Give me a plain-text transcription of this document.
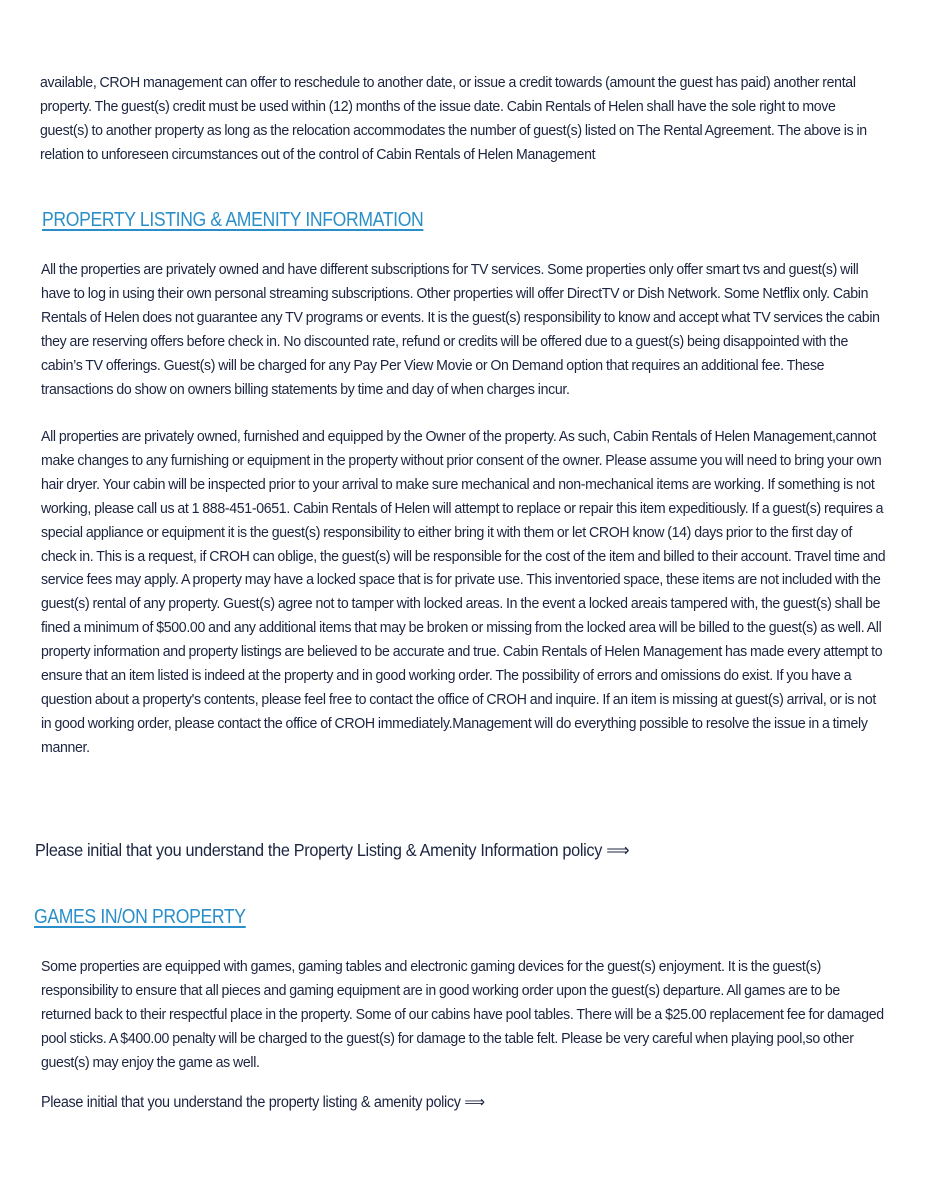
available, CROH management can offer to reschedule to another date, or issue a credit towards (amount the guest has paid) another rental property. The guest(s) credit must be used within (12) months of the issue date. Cabin Rentals of Helen shall have the sole right to move guest(s) to another property as long as the relocation accommodates the number of guest(s) listed on The Rental Agreement. The above is in relation to unforeseen circumstances out of the control of Cabin Rentals of Helen Management

PROPERTY LISTING & AMENITY INFORMATION

All the properties are privately owned and have different subscriptions for TV services. Some properties only offer smart tvs and guest(s) will have to log in using their own personal streaming subscriptions. Other properties will offer DirectTV or Dish Network. Some Netflix only. Cabin Rentals of Helen does not guarantee any TV programs or events. It is the guest(s) responsibility to know and accept what TV services the cabin they are reserving offers before check in. No discounted rate, refund or credits will be offered due to a guest(s) being disappointed with the cabin’s TV offerings. Guest(s) will be charged for any Pay Per View Movie or On Demand option that requires an additional fee. These transactions do show on owners billing statements by time and day of when charges incur.

All properties are privately owned, furnished and equipped by the Owner of the property. As such, Cabin Rentals of Helen Management,cannot make changes to any furnishing or equipment in the property without prior consent of the owner. Please assume you will need to bring your own hair dryer. Your cabin will be inspected prior to your arrival to make sure mechanical and non-mechanical items are working. If something is not working, please call us at 1 888-451-0651. Cabin Rentals of Helen will attempt to replace or repair this item expeditiously. If a guest(s) requires a special appliance or equipment it is the guest(s) responsibility to either bring it with them or let CROH know (14) days prior to the first day of check in. This is a request, if CROH can oblige, the guest(s) will be responsible for the cost of the item and billed to their account. Travel time and service fees may apply. A property may have a locked space that is for private use. This inventoried space, these items are not included with the guest(s) rental of any property. Guest(s) agree not to tamper with locked areas. In the event a locked areais tampered with, the guest(s) shall be fined a minimum of $500.00 and any additional items that may be broken or missing from the locked area will be billed to the guest(s) as well. All property information and property listings are believed to be accurate and true. Cabin Rentals of Helen Management has made every attempt to ensure that an item listed is indeed at the property and in good working order. The possibility of errors and omissions do exist. If you have a question about a property's contents, please feel free to contact the office of CROH and inquire. If an item is missing at guest(s) arrival, or is not in good working order, please contact the office of CROH immediately.Management will do everything possible to resolve the issue in a timely manner.

Please initial that you understand the Property Listing & Amenity Information policy ⟹

GAMES IN/ON PROPERTY

Some properties are equipped with games, gaming tables and electronic gaming devices for the guest(s) enjoyment. It is the guest(s) responsibility to ensure that all pieces and gaming equipment are in good working order upon the guest(s) departure. All games are to be returned back to their respectful place in the property. Some of our cabins have pool tables. There will be a $25.00 replacement fee for damaged pool sticks. A $400.00 penalty will be charged to the guest(s) for damage to the table felt. Please be very careful when playing pool,so other guest(s) may enjoy the game as well.

Please initial that you understand the property listing & amenity policy ⟹
